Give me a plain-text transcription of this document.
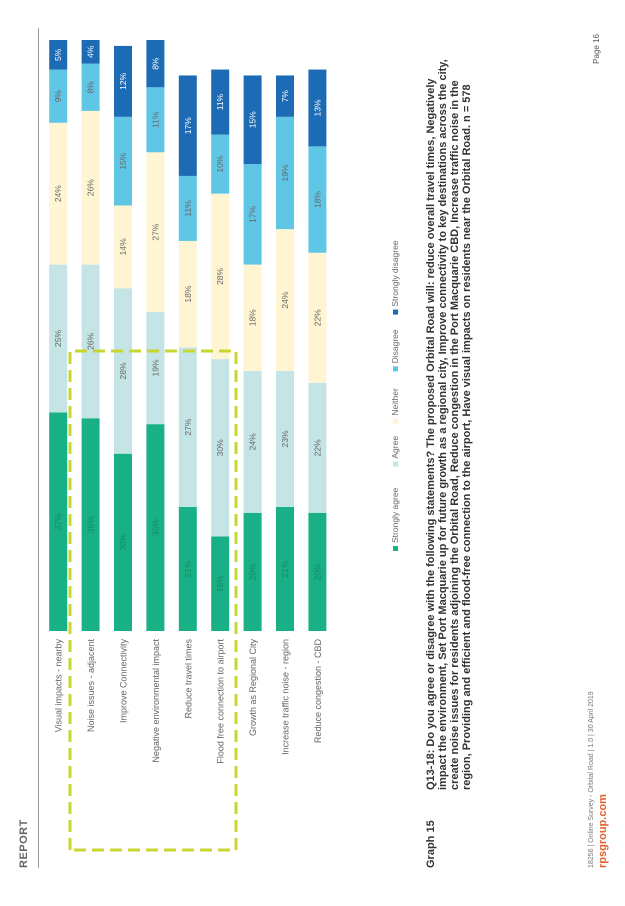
REPORT
Visual impacts - nearby
37%
25%
24%
9%
5%
Noise issues - adjacent
36%
26%
26%
8%
4%
Improve Connectivity
30%
28%
14%
15%
12%
Negative environmental impact
35%
19%
27%
11%
8%
Reduce travel times
21%
27%
18%
11%
17%
Flood free connection to airport
16%
30%
28%
10%
11%
Growth as Regional City
20%
24%
18%
17%
15%
Increase traffic noise - region
21%
23%
24%
19%
7%
Reduce congestion - CBD
20%
22%
22%
18%
13%
Strongly agree
Agree
Neither
Disagree
Strongly disagree
Graph 15
Q13-18: Do you agree or disagree with the following statements? The proposed Orbital Road will: reduce overall travel times, Negatively impact the environment, Set Port Macquarie up for future growth as a regional city, Improve connectivity to key destinations across the city, create noise issues for residents adjoining the Orbital Road, Reduce congestion in the Port Macquarie CBD, Increase traffic noise in the region, Providing and efficient and flood-free connection to the airport, Have visual impacts on residents near the Orbital Road. n = 578	18256 | Online Survey - Orbital Road | 1.0 | 30 April 2019 rpsgroup.com
Page 16
